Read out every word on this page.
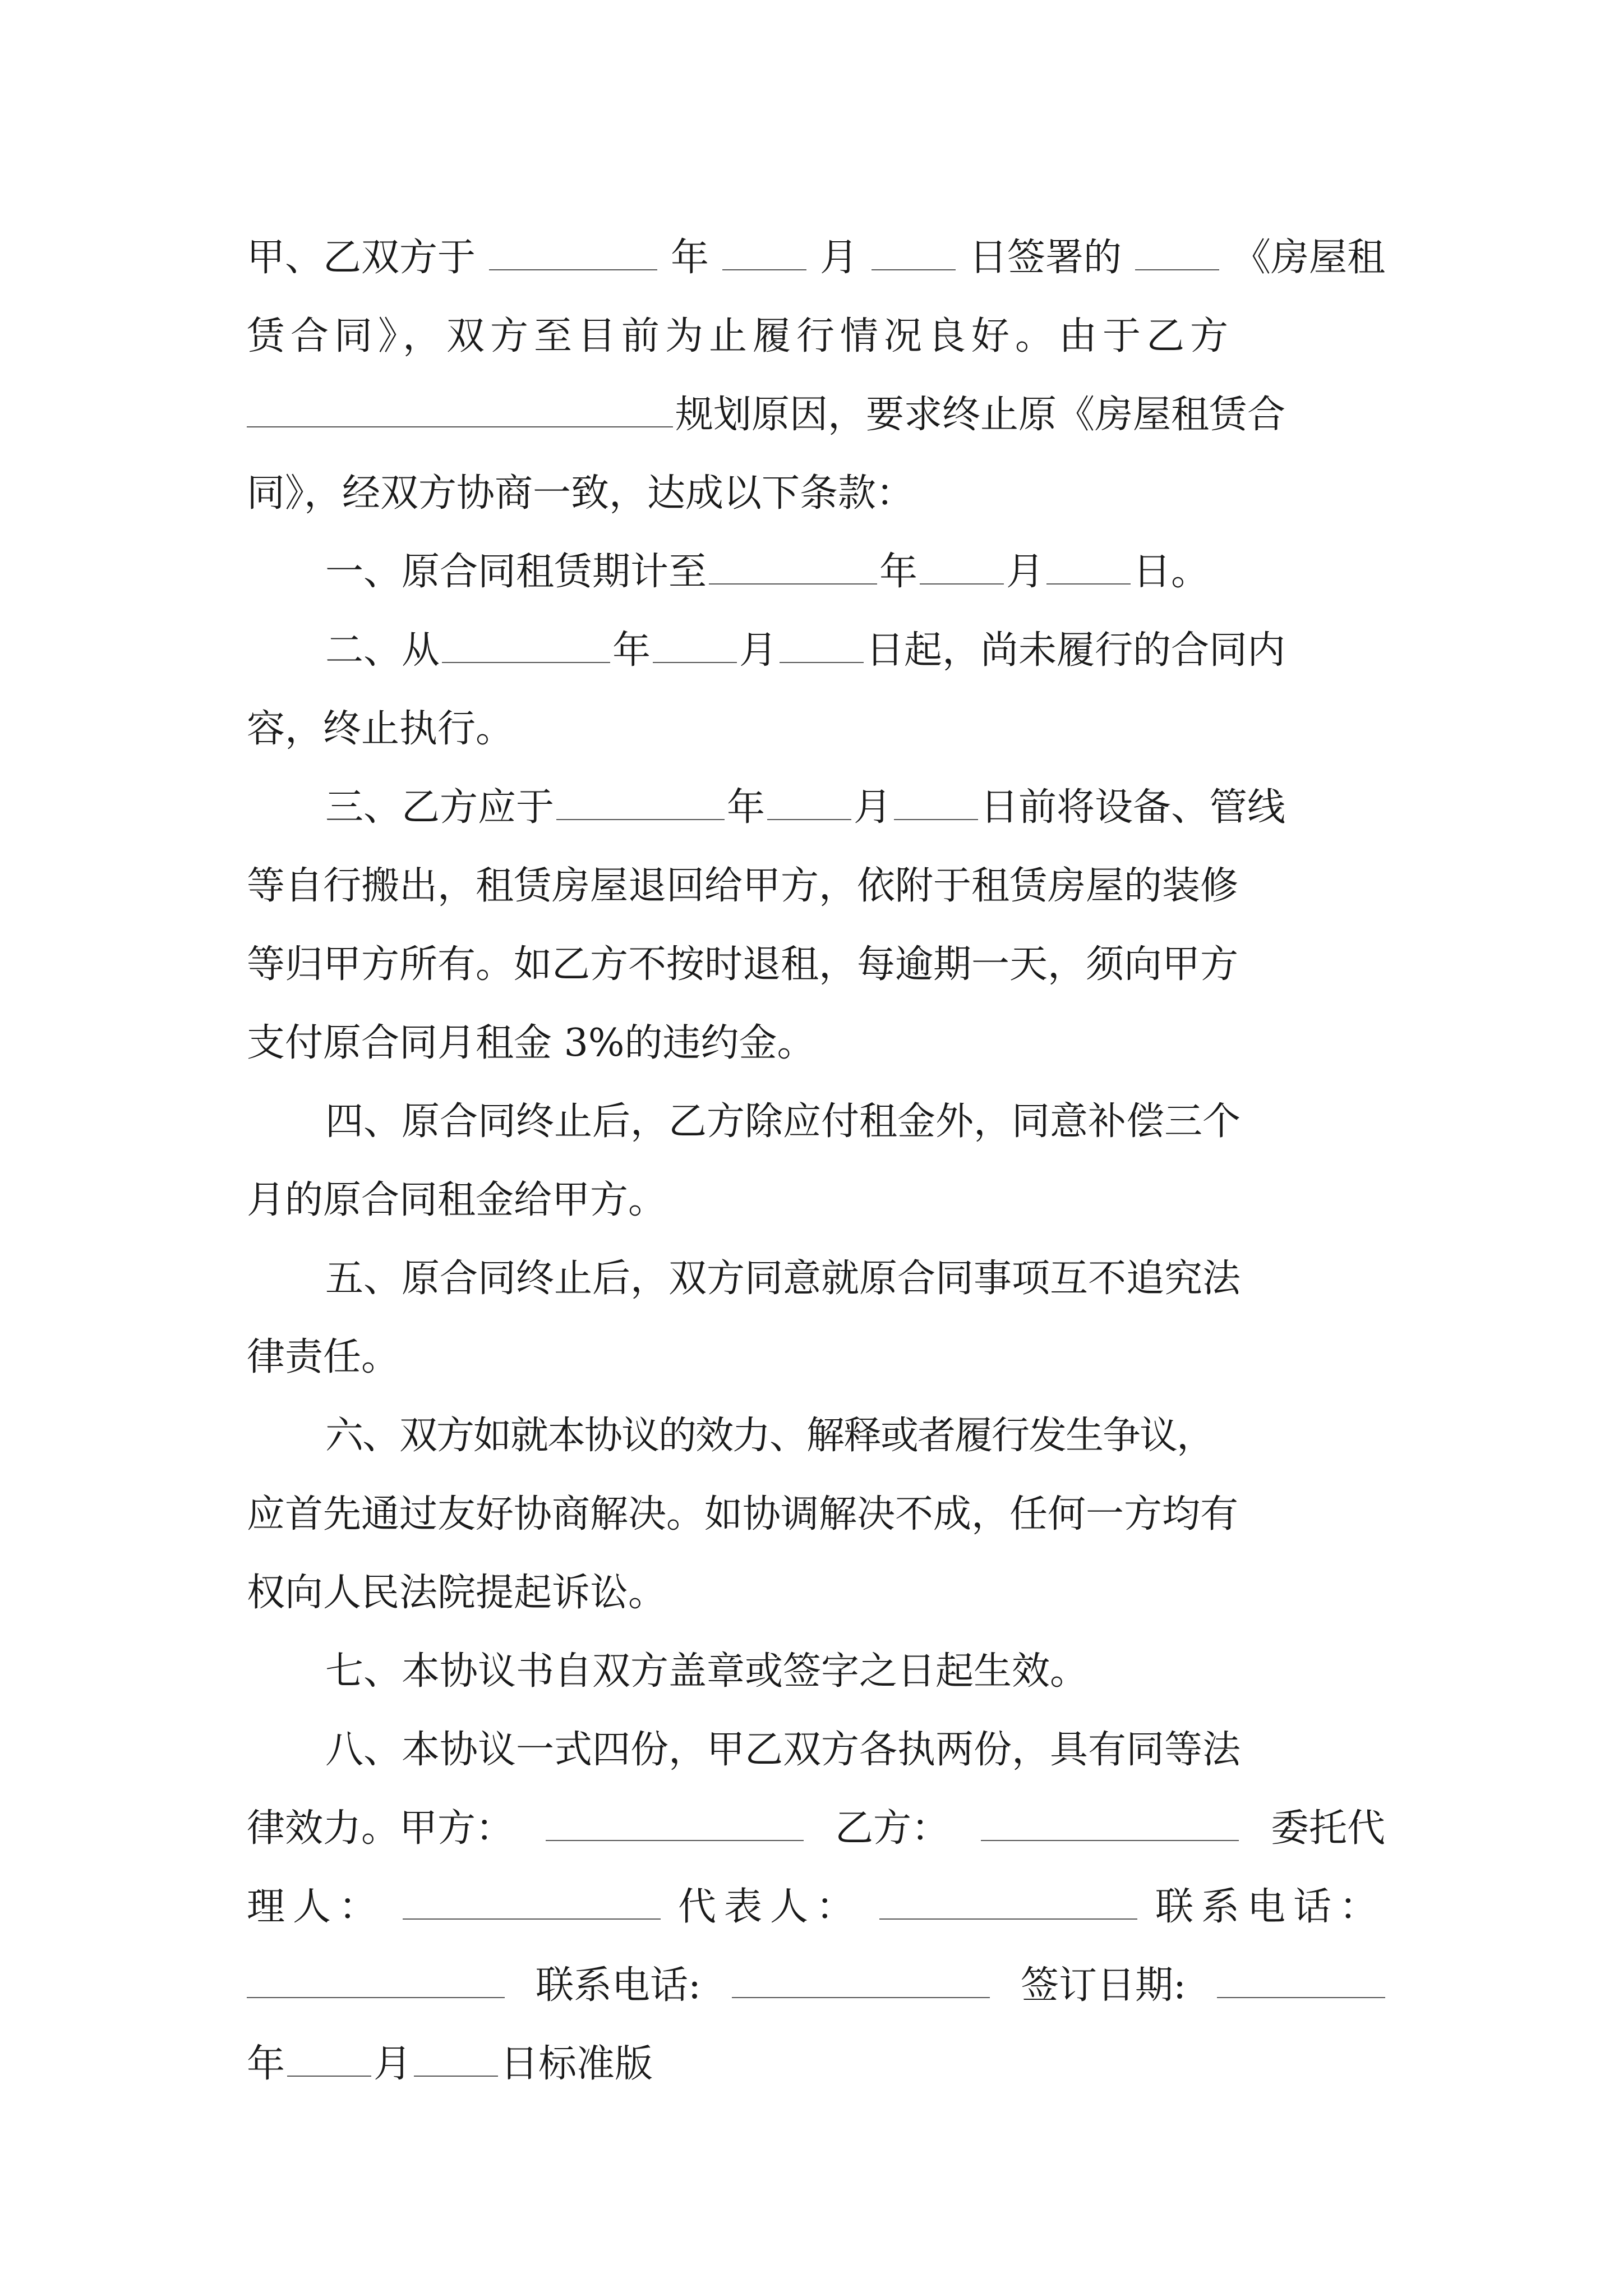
甲、乙双方于	年	月	日签署的	《房屋租
赁合同》，双方至目前为止履行情况良好。由于乙方
规划原因，要求终止原《房屋租赁合
同》，经双方协商一致，达成以下条款：
一、原合同租赁期计至	年 月 日。
二、从	年 月 日起，尚未履行的合同内
容，终止执行。
三、乙方应于	年 月 日前将设备、管线
等自行搬出，租赁房屋退回给甲方，依附于租赁房屋的装修
等归甲方所有。如乙方不按时退租，每逾期一天，须向甲方
支付原合同月租金 3%的违约金。
四、原合同终止后，乙方除应付租金外，同意补偿三个
月的原合同租金给甲方。
五、原合同终止后，双方同意就原合同事项互不追究法
律责任。
六、双方如就本协议的效力、解释或者履行发生争议，
应首先通过友好协商解决。如协调解决不成，任何一方均有
权向人民法院提起诉讼。
七、本协议书自双方盖章或签字之日起生效。
八、本协议一式四份，甲乙双方各执两份，具有同等法
律效力。甲方：	乙方：	委托代
理人：	代表人：	联系电话：
联系电话:	签订日期:
年 月 日标准版
